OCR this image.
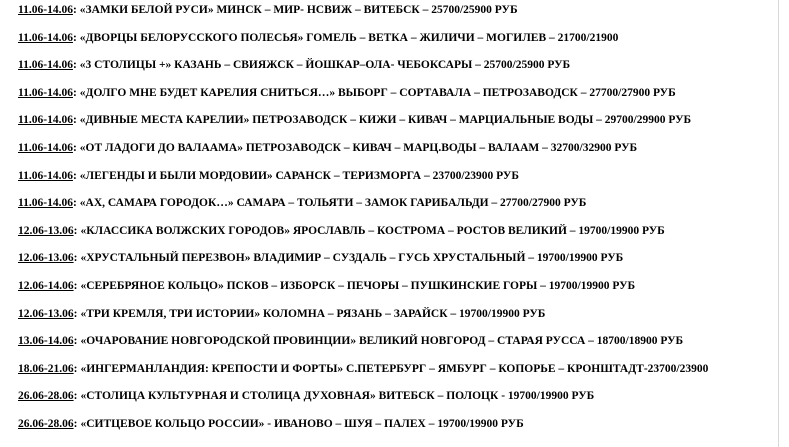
11.06-14.06: «ЗАМКИ БЕЛОЙ РУСИ» МИНСК – МИР- НСВИЖ – ВИТЕБСК – 25700/25900 РУБ
11.06-14.06: «ДВОРЦЫ БЕЛОРУССКОГО ПОЛЕСЬЯ» ГОМЕЛЬ – ВЕТКА – ЖИЛИЧИ – МОГИЛЕВ – 21700/21900
11.06-14.06: «3 СТОЛИЦЫ +» КАЗАНЬ – СВИЯЖСК – ЙОШКАР–ОЛА- ЧЕБОКСАРЫ – 25700/25900 РУБ
11.06-14.06: «ДОЛГО МНЕ БУДЕТ КАРЕЛИЯ СНИТЬСЯ…» ВЫБОРГ – СОРТАВАЛА – ПЕТРОЗАВОДСК – 27700/27900 РУБ
11.06-14.06: «ДИВНЫЕ МЕСТА КАРЕЛИИ» ПЕТРОЗАВОДСК – КИЖИ – КИВАЧ – МАРЦИАЛЬНЫЕ ВОДЫ – 29700/29900 РУБ
11.06-14.06: «ОТ ЛАДОГИ ДО ВАЛААМА» ПЕТРОЗАВОДСК – КИВАЧ – МАРЦ.ВОДЫ – ВАЛААМ – 32700/32900 РУБ
11.06-14.06: «ЛЕГЕНДЫ И БЫЛИ МОРДОВИИ» САРАНСК – ТЕРИЗМОРГА – 23700/23900 РУБ
11.06-14.06: «АХ, САМАРА ГОРОДОК…» САМАРА – ТОЛЬЯТИ – ЗАМОК ГАРИБАЛЬДИ – 27700/27900 РУБ
12.06-13.06: «КЛАССИКА ВОЛЖСКИХ ГОРОДОВ» ЯРОСЛАВЛЬ – КОСТРОМА – РОСТОВ ВЕЛИКИЙ – 19700/19900 РУБ
12.06-13.06: «ХРУСТАЛЬНЫЙ ПЕРЕЗВОН» ВЛАДИМИР – СУЗДАЛЬ – ГУСЬ ХРУСТАЛЬНЫЙ – 19700/19900 РУБ
12.06-14.06: «СЕРЕБРЯНОЕ КОЛЬЦО» ПСКОВ – ИЗБОРСК – ПЕЧОРЫ – ПУШКИНСКИЕ ГОРЫ – 19700/19900 РУБ
12.06-13.06: «ТРИ КРЕМЛЯ, ТРИ ИСТОРИИ» КОЛОМНА – РЯЗАНЬ – ЗАРАЙСК – 19700/19900 РУБ
13.06-14.06: «ОЧАРОВАНИЕ НОВГОРОДСКОЙ ПРОВИНЦИИ» ВЕЛИКИЙ НОВГОРОД – СТАРАЯ РУССА – 18700/18900 РУБ
18.06-21.06: «ИНГЕРМАНЛАНДИЯ: КРЕПОСТИ И ФОРТЫ» С.ПЕТЕРБУРГ – ЯМБУРГ – КОПОРЬЕ – КРОНШТАДТ-23700/23900
26.06-28.06: «СТОЛИЦА КУЛЬТУРНАЯ И СТОЛИЦА ДУХОВНАЯ» ВИТЕБСК – ПОЛОЦК - 19700/19900 РУБ
26.06-28.06: «СИТЦЕВОЕ КОЛЬЦО РОССИИ» - ИВАНОВО – ШУЯ – ПАЛЕХ – 19700/19900 РУБ
